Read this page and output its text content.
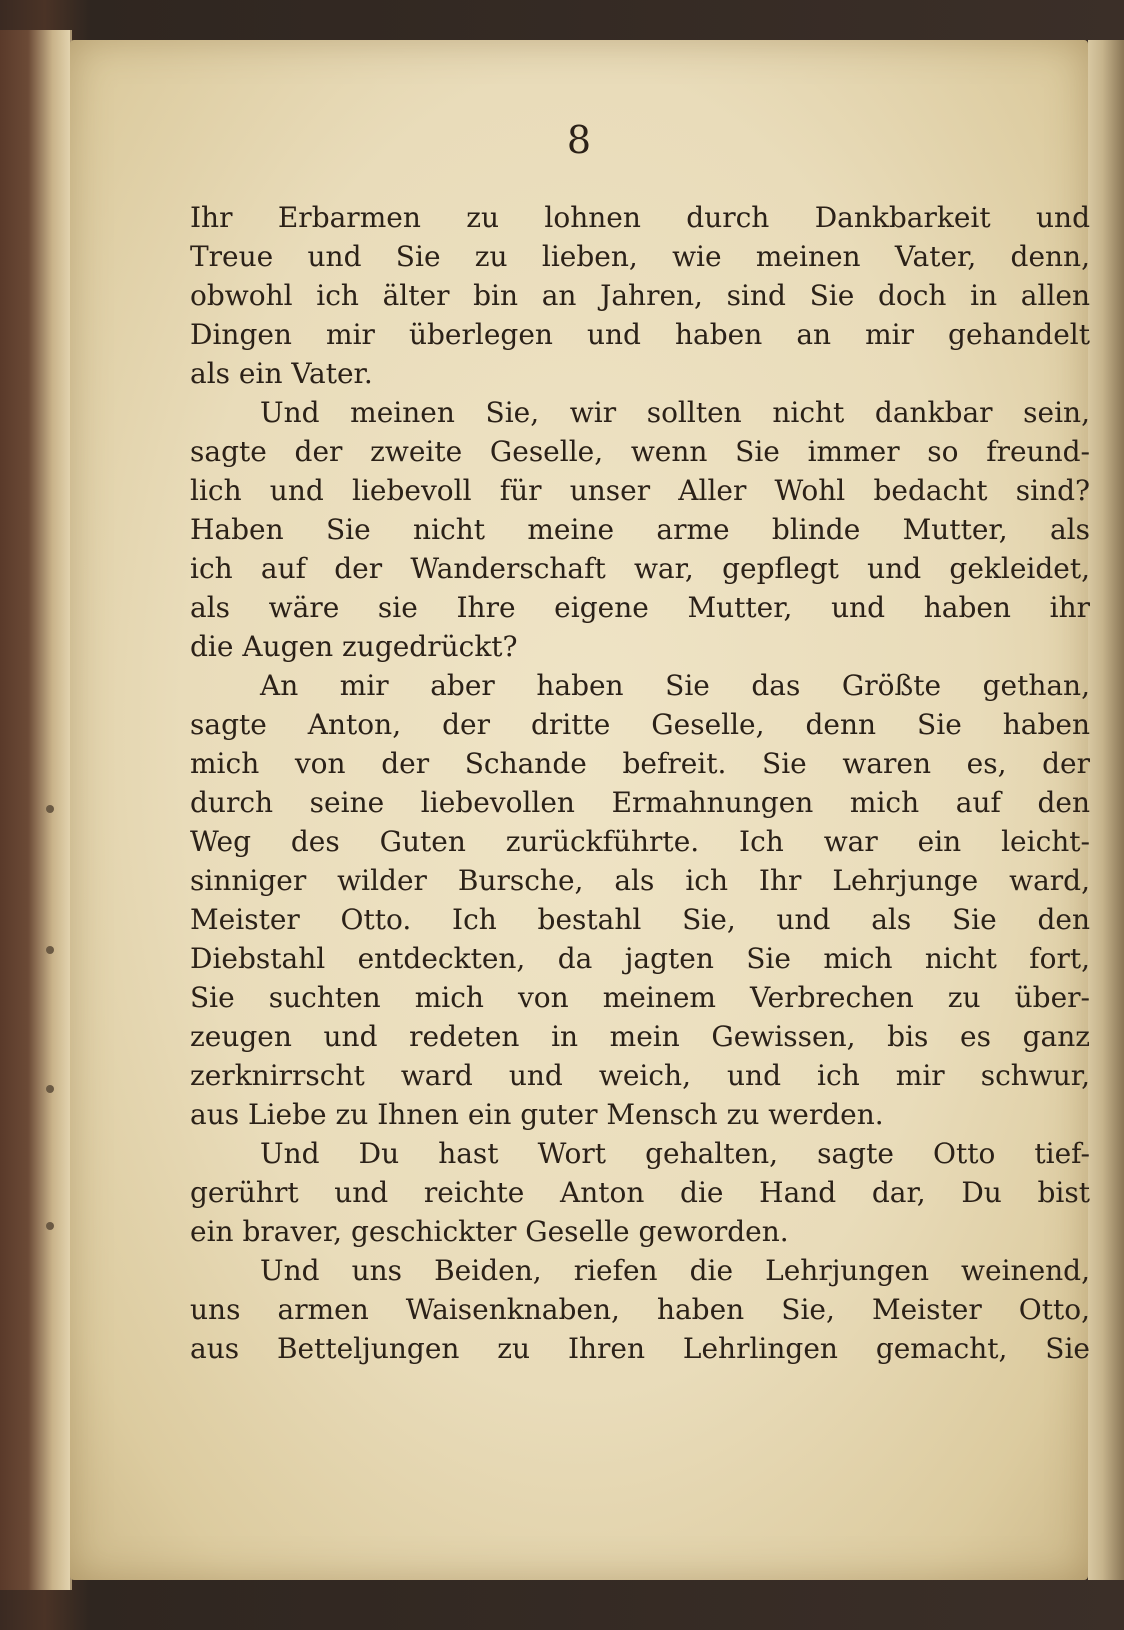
8

Ihr Erbarmen zu lohnen durch Dankbarkeit und
Treue und Sie zu lieben, wie meinen Vater, denn,
obwohl ich älter bin an Jahren, sind Sie doch in allen
Dingen mir überlegen und haben an mir gehandelt
als ein Vater.
Und meinen Sie, wir sollten nicht dankbar sein,
sagte der zweite Geselle, wenn Sie immer so freund-
lich und liebevoll für unser Aller Wohl bedacht sind?
Haben Sie nicht meine arme blinde Mutter, als
ich auf der Wanderschaft war, gepflegt und gekleidet,
als wäre sie Ihre eigene Mutter, und haben ihr
die Augen zugedrückt?
An mir aber haben Sie das Größte gethan,
sagte Anton, der dritte Geselle, denn Sie haben
mich von der Schande befreit. Sie waren es, der
durch seine liebevollen Ermahnungen mich auf den
Weg des Guten zurückführte. Ich war ein leicht-
sinniger wilder Bursche, als ich Ihr Lehrjunge ward,
Meister Otto. Ich bestahl Sie, und als Sie den
Diebstahl entdeckten, da jagten Sie mich nicht fort,
Sie suchten mich von meinem Verbrechen zu über-
zeugen und redeten in mein Gewissen, bis es ganz
zerknirrscht ward und weich, und ich mir schwur,
aus Liebe zu Ihnen ein guter Mensch zu werden.
Und Du hast Wort gehalten, sagte Otto tief-
gerührt und reichte Anton die Hand dar, Du bist
ein braver, geschickter Geselle geworden.
Und uns Beiden, riefen die Lehrjungen weinend,
uns armen Waisenknaben, haben Sie, Meister Otto,
aus Betteljungen zu Ihren Lehrlingen gemacht, Sie
